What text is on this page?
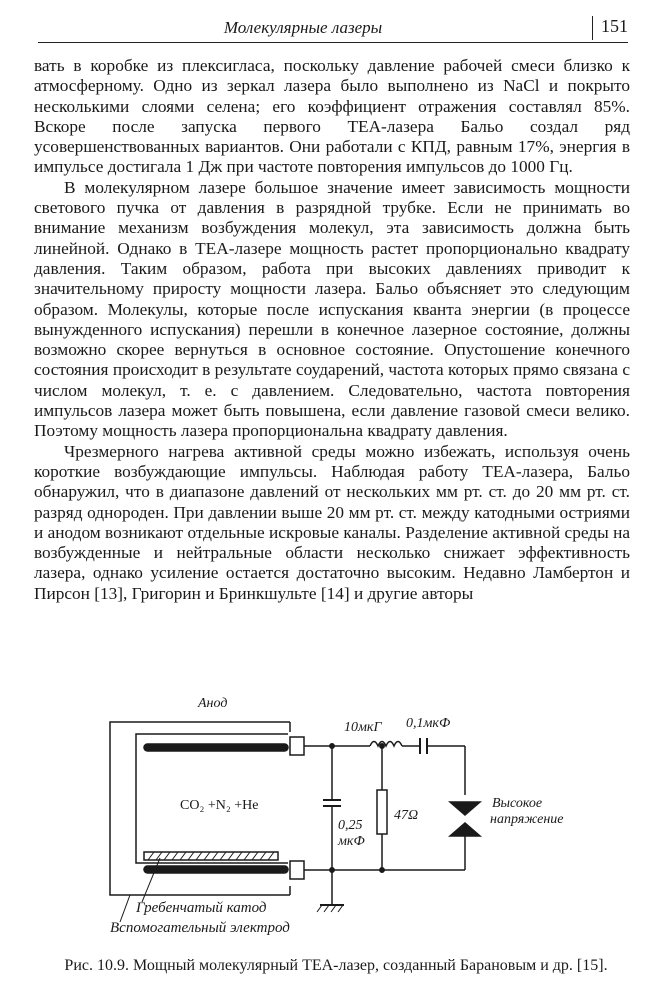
Молекулярные лазеры	151

вать в коробке из плексигласа, поскольку давление рабочей смеси близко к атмосферному. Одно из зеркал лазера было выполнено из NaCl и покрыто несколькими слоями селена; его коэффициент отражения составлял 85%. Вскоре после запуска первого ТЕА-лазера Бальо создал ряд усовершенствованных вариантов. Они работали с КПД, равным 17%, энергия в импульсе достигала 1 Дж при частоте повторения импульсов до 1000 Гц.

В молекулярном лазере большое значение имеет зависимость мощности светового пучка от давления в разрядной трубке. Если не принимать во внимание механизм возбуждения молекул, эта зависимость должна быть линейной. Однако в ТЕА-лазере мощность растет пропорционально квадрату давления. Таким образом, работа при высоких давлениях приводит к значительному приросту мощности лазера. Бальо объясняет это следующим образом. Молекулы, которые после испускания кванта энергии (в процессе вынужденного испускания) перешли в конечное лазерное состояние, должны возможно скорее вернуться в основное состояние. Опустошение конечного состояния происходит в результате соударений, частота которых прямо связана с числом молекул, т. е. с давлением. Следовательно, частота повторения импульсов лазера может быть повышена, если давление газовой смеси велико. Поэтому мощность лазера пропорциональна квадрату давления.

Чрезмерного нагрева активной среды можно избежать, используя очень короткие возбуждающие импульсы. Наблюдая работу ТЕА-лазера, Бальо обнаружил, что в диапазоне давлений от нескольких мм рт. ст. до 20 мм рт. ст. разряд однороден. При давлении выше 20 мм рт. ст. между катодными остриями и анодом возникают отдельные искровые каналы. Разделение активной среды на возбужденные и нейтральные области несколько снижает эффективность лазера, однако усиление остается достаточно высоким. Недавно Ламбертон и Пирсон [13], Григорин и Бринкшульте [14] и другие авторы

Анод
CO₂ +N₂ +He
10мкГ 0,1мкФ
0,25
мкФ
47Ω
Высокое
напряжение
Гребенчатый катод
Вспомогательный электрод
Рис. 10.9. Мощный молекулярный ТЕА-лазер, созданный Барановым и др. [15].
